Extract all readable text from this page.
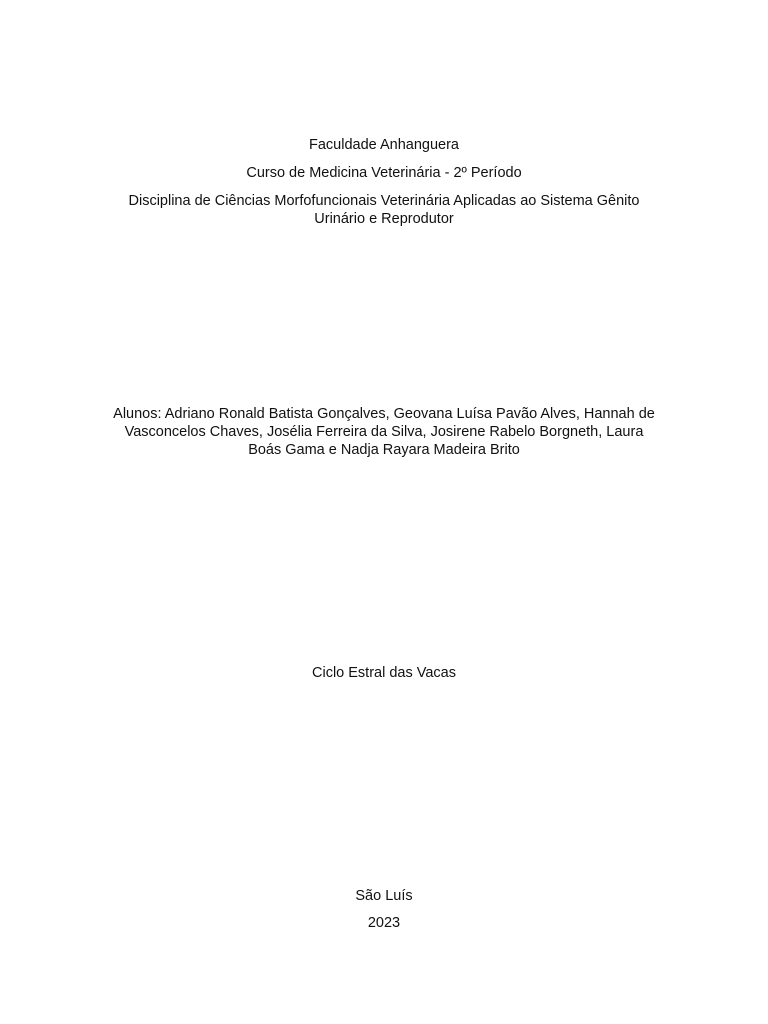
Faculdade Anhanguera
Curso de Medicina Veterinária - 2º Período
Disciplina de Ciências Morfofuncionais Veterinária Aplicadas ao Sistema Gênito
Urinário e Reprodutor
Alunos: Adriano Ronald Batista Gonçalves, Geovana Luísa Pavão Alves, Hannah de
Vasconcelos Chaves, Josélia Ferreira da Silva, Josirene Rabelo Borgneth, Laura
Boás Gama e Nadja Rayara Madeira Brito
Ciclo Estral das Vacas
São Luís
2023
